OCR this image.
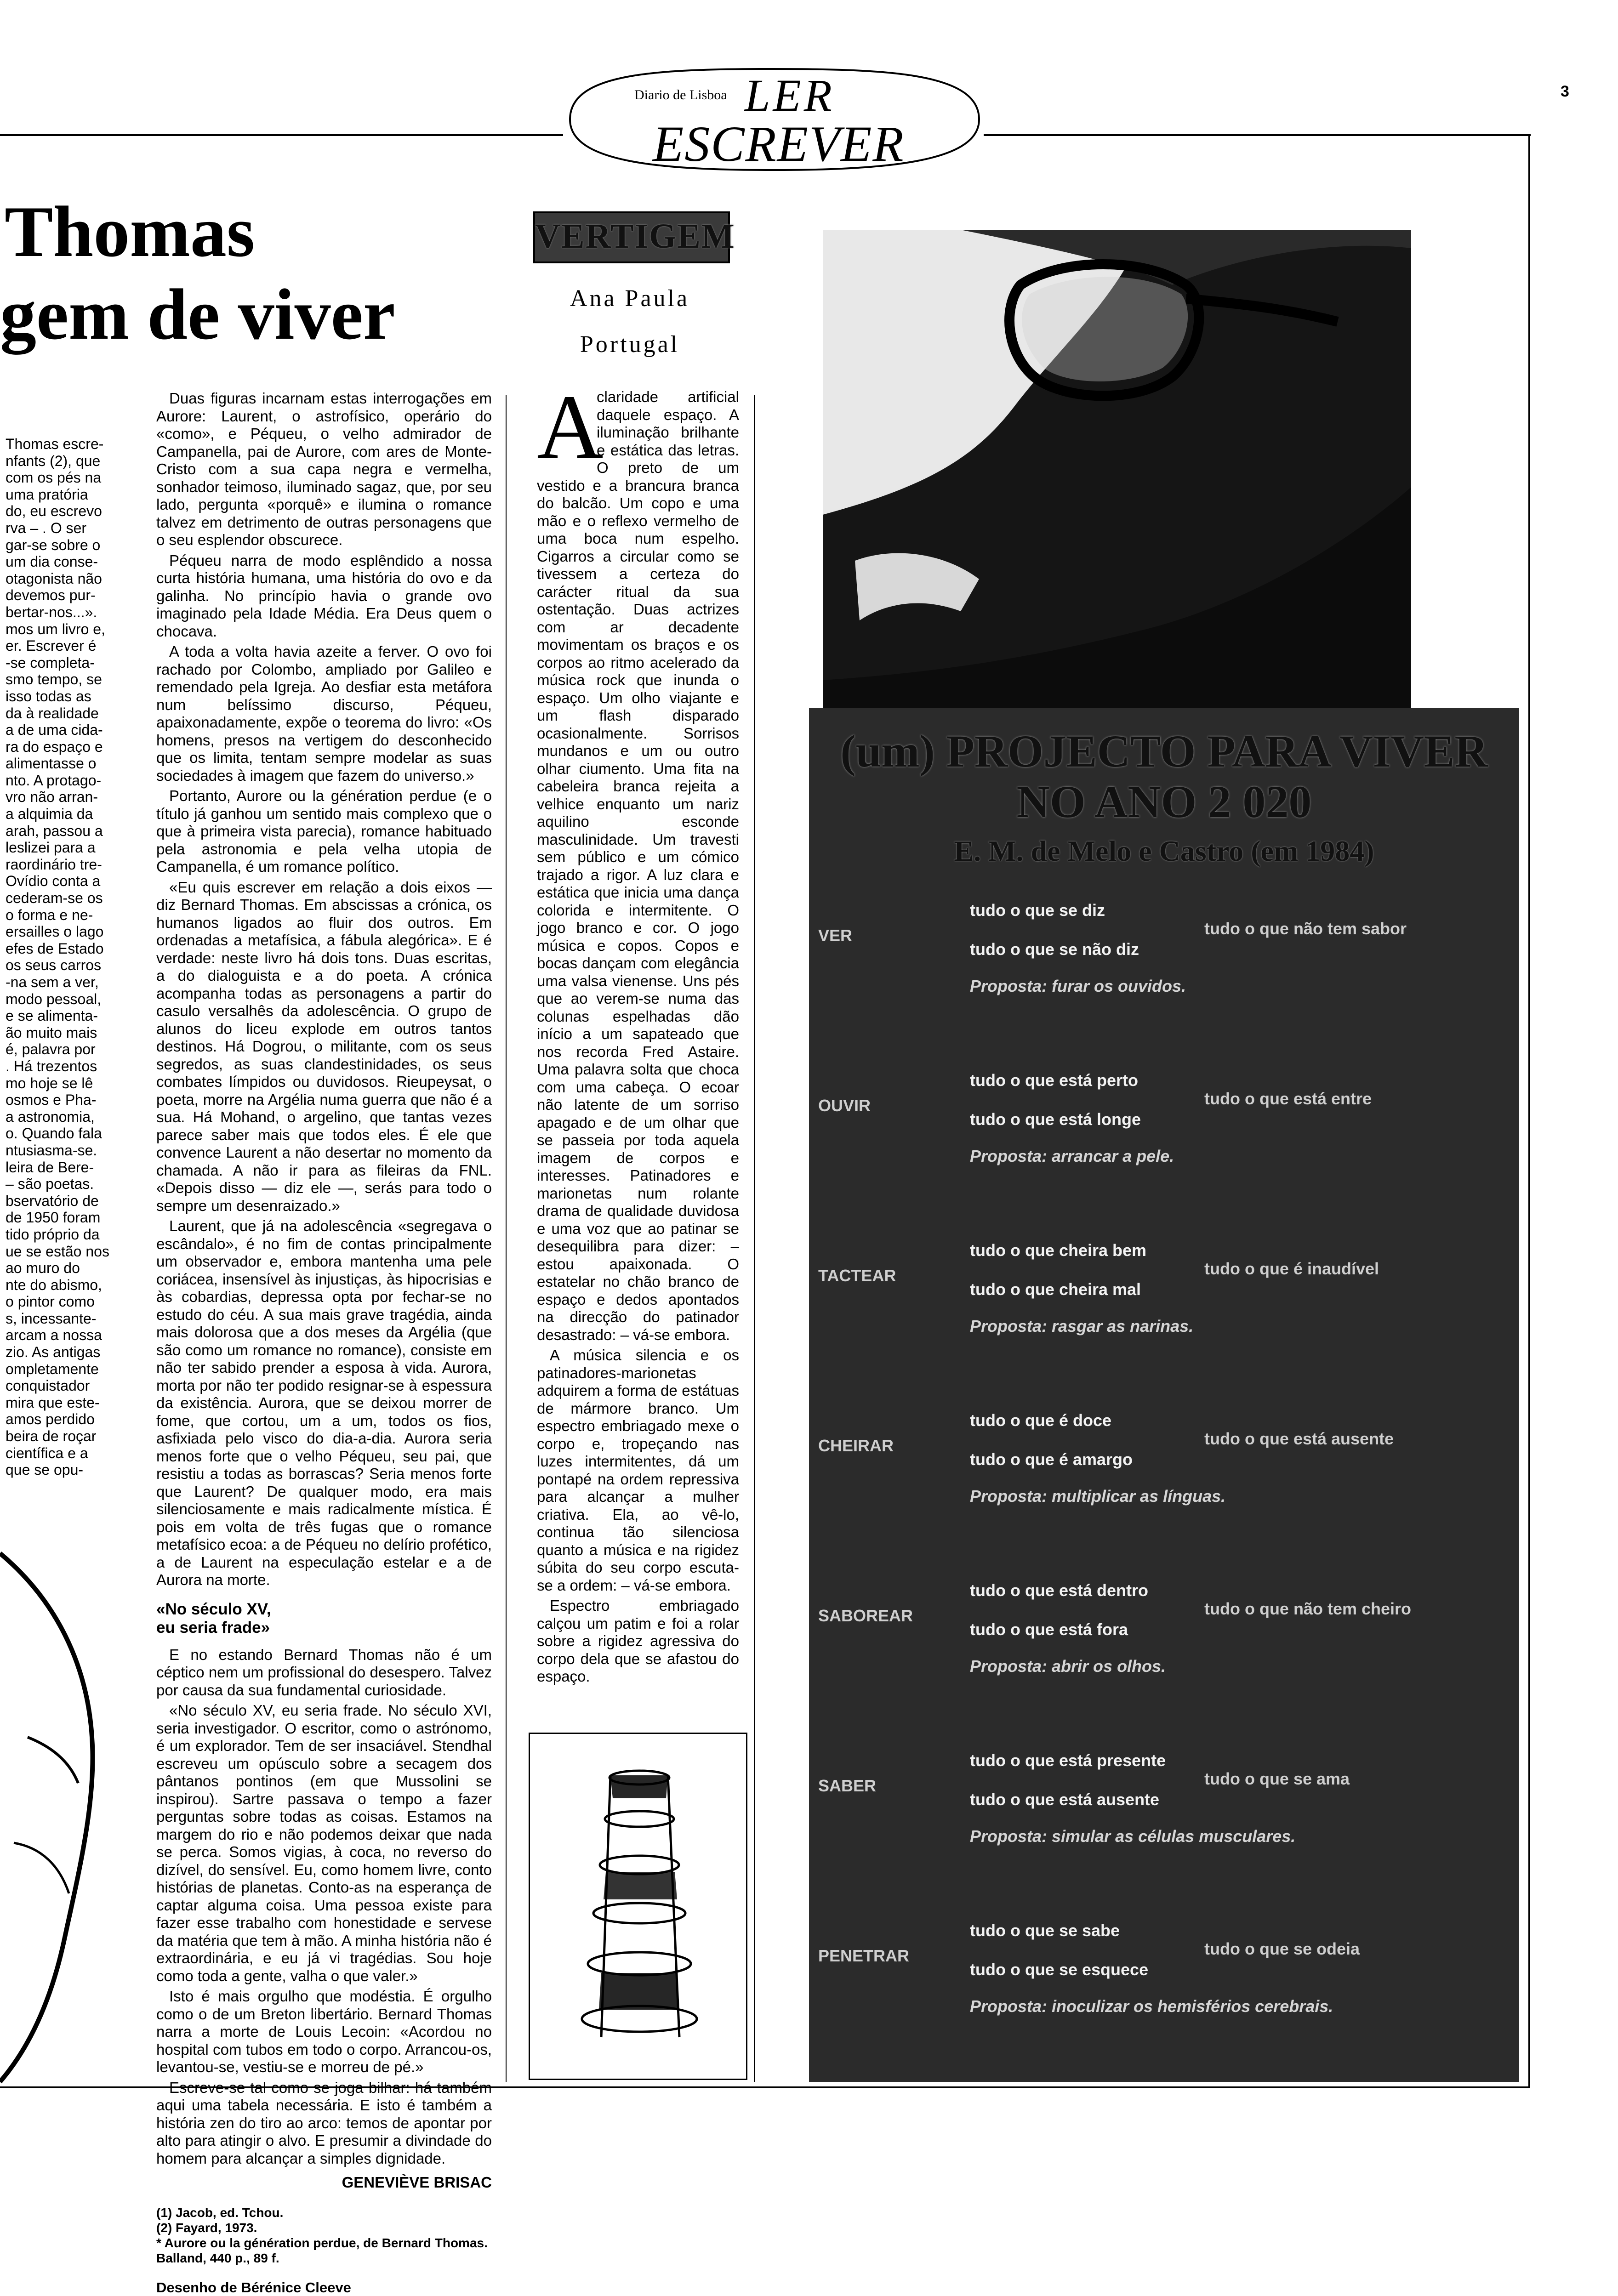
3
Diario de Lisboa LER
ESCREVER
Thomas
gem de viver
Thomas escre-
nfants (2), que
com os pés na
uma pratória
do, eu escrevo
rva – . O ser
gar-se sobre o
um dia conse-
otagonista não
devemos pur-
bertar-nos...».
mos um livro e,
er. Escrever é
-se completa-
smo tempo, se
isso todas as
da à realidade
a de uma cida-
ra do espaço e
alimentasse o
nto. A protago-
vro não arran-
a alquimia da
arah, passou a
leslizei para a
raordinário tre-
Ovídio conta a
cederam-se os
o forma e ne-
ersailles o lago
efes de Estado
os seus carros
-na sem a ver,
modo pessoal,
e se alimenta-
ão muito mais
é, palavra por
. Há trezentos
mo hoje se lê
osmos e Pha-
a astronomia,
o. Quando fala
ntusiasma-se.
leira de Bere-
– são poetas.
bservatório de
de 1950 foram
tido próprio da
ue se estão nos
ao muro do
nte do abismo,
o pintor como
s, incessante-
arcam a nossa
zio. As antigas
ompletamente
conquistador
mira que este-
amos perdido
beira de roçar
científica e a
que se opu-

Duas figuras incarnam estas interrogações em Aurore: Laurent, o astrofísico, operário do «como», e Péqueu, o velho admirador de Campanella, pai de Aurore, com ares de Monte-Cristo com a sua capa negra e vermelha, sonhador teimoso, iluminado sagaz, que, por seu lado, pergunta «porquê» e ilumina o romance talvez em detrimento de outras personagens que o seu esplendor obscurece.

Péqueu narra de modo esplêndido a nossa curta história humana, uma história do ovo e da galinha. No princípio havia o grande ovo imaginado pela Idade Média. Era Deus quem o chocava.

A toda a volta havia azeite a ferver. O ovo foi rachado por Colombo, ampliado por Galileo e remendado pela Igreja. Ao desfiar esta metáfora num belíssimo discurso, Péqueu, apaixonadamente, expõe o teorema do livro: «Os homens, presos na vertigem do desconhecido que os limita, tentam sempre modelar as suas sociedades à imagem que fazem do universo.»

Portanto, Aurore ou la génération perdue (e o título já ganhou um sentido mais complexo que o que à primeira vista parecia), romance habituado pela astronomia e pela velha utopia de Campanella, é um romance político.

«Eu quis escrever em relação a dois eixos — diz Bernard Thomas. Em abscissas a crónica, os humanos ligados ao fluir dos outros. Em ordenadas a metafísica, a fábula alegórica». E é verdade: neste livro há dois tons. Duas escritas, a do dialoguista e a do poeta. A crónica acompanha todas as personagens a partir do casulo versalhês da adolescência. O grupo de alunos do liceu explode em outros tantos destinos. Há Dogrou, o militante, com os seus segredos, as suas clandestinidades, os seus combates límpidos ou duvidosos. Rieupeysat, o poeta, morre na Argélia numa guerra que não é a sua. Há Mohand, o argelino, que tantas vezes parece saber mais que todos eles. É ele que convence Laurent a não desertar no momento da chamada. A não ir para as fileiras da FNL. «Depois disso — diz ele —, serás para todo o sempre um desenraizado.»

Laurent, que já na adolescência «segregava o escândalo», é no fim de contas principalmente um observador e, embora mantenha uma pele coriácea, insensível às injustiças, às hipocrisias e às cobardias, depressa opta por fechar-se no estudo do céu. A sua mais grave tragédia, ainda mais dolorosa que a dos meses da Argélia (que são como um romance no romance), consiste em não ter sabido prender a esposa à vida. Aurora, morta por não ter podido resignar-se à espessura da existência. Aurora, que se deixou morrer de fome, que cortou, um a um, todos os fios, asfixiada pelo visco do dia-a-dia. Aurora seria menos forte que o velho Péqueu, seu pai, que resistiu a todas as borrascas? Seria menos forte que Laurent? De qualquer modo, era mais silenciosamente e mais radicalmente mística. É pois em volta de três fugas que o romance metafísico ecoa: a de Péqueu no delírio profético, a de Laurent na especulação estelar e a de Aurora na morte.

«No século XV,
eu seria frade»

E no estando Bernard Thomas não é um céptico nem um profissional do desespero. Talvez por causa da sua fundamental curiosidade.

«No século XV, eu seria frade. No século XVI, seria investigador. O escritor, como o astrónomo, é um explorador. Tem de ser insaciável. Stendhal escreveu um opúsculo sobre a secagem dos pântanos pontinos (em que Mussolini se inspirou). Sartre passava o tempo a fazer perguntas sobre todas as coisas. Estamos na margem do rio e não podemos deixar que nada se perca. Somos vigias, à coca, no reverso do dizível, do sensível. Eu, como homem livre, conto histórias de planetas. Conto-as na esperança de captar alguma coisa. Uma pessoa existe para fazer esse trabalho com honestidade e servese da matéria que tem à mão. A minha história não é extraordinária, e eu já vi tragédias. Sou hoje como toda a gente, valha o que valer.»

Isto é mais orgulho que modéstia. É orgulho como o de um Breton libertário. Bernard Thomas narra a morte de Louis Lecoin: «Acordou no hospital com tubos em todo o corpo. Arrancou-os, levantou-se, vestiu-se e morreu de pé.»

Escreve-se tal como se joga bilhar: há também aqui uma tabela necessária. E isto é também a história zen do tiro ao arco: temos de apontar por alto para atingir o alvo. E presumir a divindade do homem para alcançar a simples dignidade.

GENEVIÈVE BRISAC
(1) Jacob, ed. Tchou.
(2) Fayard, 1973.
* Aurore ou la génération perdue, de Bernard Thomas. Balland, 440 p., 89 f.
Desenho de Bérénice Cleeve
VERTIGEM
Ana Paula
Portugal
A

claridade artificial daquele espaço. A iluminação brilhante e estática das letras. O preto de um vestido e a brancura branca do balcão. Um copo e uma mão e o reflexo vermelho de uma boca num espelho. Cigarros a circular como se tivessem a certeza do carácter ritual da sua ostentação. Duas actrizes com ar decadente movimentam os braços e os corpos ao ritmo acelerado da música rock que inunda o espaço. Um olho viajante e um flash disparado ocasionalmente. Sorrisos mundanos e um ou outro olhar ciumento. Uma fita na cabeleira branca rejeita a velhice enquanto um nariz aquilino esconde masculinidade. Um travesti sem público e um cómico trajado a rigor. A luz clara e estática que inicia uma dança colorida e intermitente. O jogo branco e cor. O jogo música e copos. Copos e bocas dançam com elegância uma valsa vienense. Uns pés que ao verem-se numa das colunas espelhadas dão início a um sapateado que nos recorda Fred Astaire. Uma palavra solta que choca com uma cabeça. O ecoar não latente de um sorriso apagado e de um olhar que se passeia por toda aquela imagem de corpos e interesses. Patinadores e marionetas num rolante drama de qualidade duvidosa e uma voz que ao patinar se desequilibra para dizer: – estou apaixonada. O estatelar no chão branco de espaço e dedos apontados na direcção do patinador desastrado: – vá-se embora.

A música silencia e os patinadores-marionetas adquirem a forma de estátuas de mármore branco. Um espectro embriagado mexe o corpo e, tropeçando nas luzes intermitentes, dá um pontapé na ordem repressiva para alcançar a mulher criativa. Ela, ao vê-lo, continua tão silenciosa quanto a música e na rigidez súbita do seu corpo escuta-se a ordem: – vá-se embora.

Espectro embriagado calçou um patim e foi a rolar sobre a rigidez agressiva do corpo dela que se afastou do espaço.

(um) PROJECTO PARA VIVER
NO ANO 2 020
E. M. de Melo e Castro (em 1984)
VER
tudo o que se diz
tudo o que se não diz
tudo o que não tem sabor
Proposta: furar os ouvidos.
OUVIR
tudo o que está perto
tudo o que está longe
tudo o que está entre
Proposta: arrancar a pele.
TACTEAR
tudo o que cheira bem
tudo o que cheira mal
tudo o que é inaudível
Proposta: rasgar as narinas.
CHEIRAR
tudo o que é doce
tudo o que é amargo
tudo o que está ausente
Proposta: multiplicar as línguas.
SABOREAR
tudo o que está dentro
tudo o que está fora
tudo o que não tem cheiro
Proposta: abrir os olhos.
SABER
tudo o que está presente
tudo o que está ausente
tudo o que se ama
Proposta: simular as células musculares.
PENETRAR
tudo o que se sabe
tudo o que se esquece
tudo o que se odeia
Proposta: inoculizar os hemisférios cerebrais.
